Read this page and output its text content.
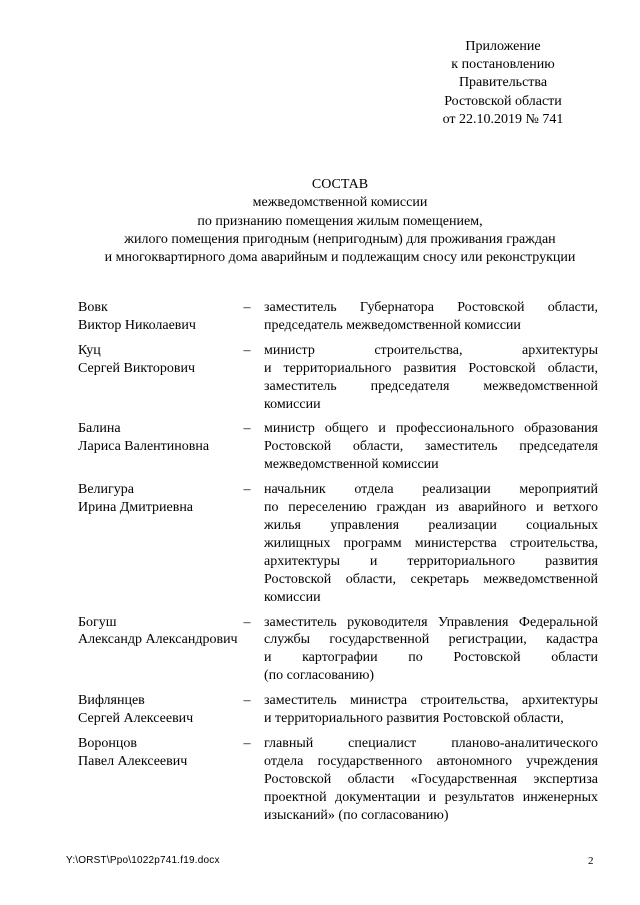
Приложение
к постановлению
Правительства
Ростовской области
от 22.10.2019 № 741
СОСТАВ
межведомственной комиссии
по признанию помещения жилым помещением,
жилого помещения пригодным (непригодным) для проживания граждан
и многоквартирного дома аварийным и подлежащим сносу или реконструкции
Вовк
Виктор Николаевич
– заместитель Губернатора Ростовской области,
председатель межведомственной комиссии
Куц
Сергей Викторович
– министр строительства, архитектуры
и территориального развития Ростовской области,
заместитель председателя межведомственной
комиссии
Балина
Лариса Валентиновна
– министр общего и профессионального образования
Ростовской области, заместитель председателя
межведомственной комиссии
Велигура
Ирина Дмитриевна
– начальник отдела реализации мероприятий
по переселению граждан из аварийного и ветхого
жилья управления реализации социальных
жилищных программ министерства строительства,
архитектуры и территориального развития
Ростовской области, секретарь межведомственной
комиссии
Богуш
Александр Александрович
– заместитель руководителя Управления Федеральной
службы государственной регистрации, кадастра
и картографии по Ростовской области
(по согласованию)
Вифлянцев
Сергей Алексеевич
– заместитель министра строительства, архитектуры
и территориального развития Ростовской области,
Воронцов
Павел Алексеевич
– главный специалист планово-аналитического
отдела государственного автономного учреждения
Ростовской области «Государственная экспертиза
проектной документации и результатов инженерных
изысканий» (по согласованию)
Y:\ORST\Ppo\1022p741.f19.docx	2
